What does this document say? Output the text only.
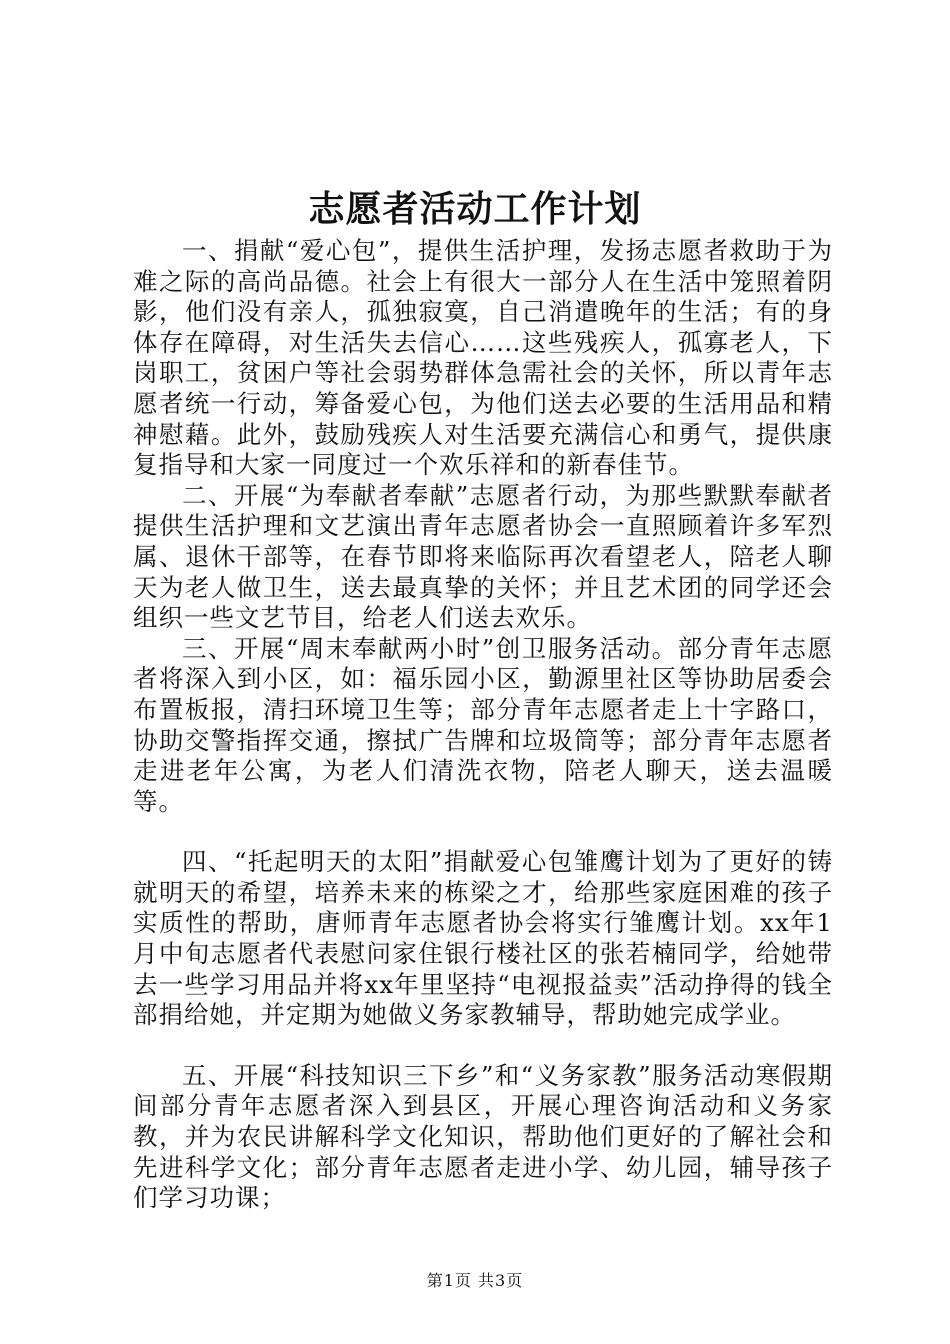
志愿者活动工作计划

一、捐献“爱心包”，提供生活护理，发扬志愿者救助于为难之际的高尚品德。社会上有很大一部分人在生活中笼照着阴影，他们没有亲人，孤独寂寞，自己消遣晚年的生活；有的身体存在障碍，对生活失去信心……这些残疾人，孤寡老人，下岗职工，贫困户等社会弱势群体急需社会的关怀，所以青年志愿者统一行动，筹备爱心包，为他们送去必要的生活用品和精神慰藉。此外，鼓励残疾人对生活要充满信心和勇气，提供康复指导和大家一同度过一个欢乐祥和的新春佳节。

二、开展“为奉献者奉献”志愿者行动，为那些默默奉献者提供生活护理和文艺演出青年志愿者协会一直照顾着许多军烈属、退休干部等，在春节即将来临际再次看望老人，陪老人聊天为老人做卫生，送去最真挚的关怀；并且艺术团的同学还会组织一些文艺节目，给老人们送去欢乐。

三、开展“周末奉献两小时”创卫服务活动。部分青年志愿者将深入到小区，如：福乐园小区，勤源里社区等协助居委会布置板报，清扫环境卫生等；部分青年志愿者走上十字路口，协助交警指挥交通，擦拭广告牌和垃圾筒等；部分青年志愿者走进老年公寓，为老人们清洗衣物，陪老人聊天，送去温暖等。

四、“托起明天的太阳”捐献爱心包雏鹰计划为了更好的铸就明天的希望，培养未来的栋梁之才，给那些家庭困难的孩子实质性的帮助，唐师青年志愿者协会将实行雏鹰计划。xx年1月中旬志愿者代表慰问家住银行楼社区的张若楠同学，给她带去一些学习用品并将xx年里坚持“电视报益卖”活动挣得的钱全部捐给她，并定期为她做义务家教辅导，帮助她完成学业。

五、开展“科技知识三下乡”和“义务家教”服务活动寒假期间部分青年志愿者深入到县区，开展心理咨询活动和义务家教，并为农民讲解科学文化知识，帮助他们更好的了解社会和先进科学文化；部分青年志愿者走进小学、幼儿园，辅导孩子们学习功课；

第1页 共3页
